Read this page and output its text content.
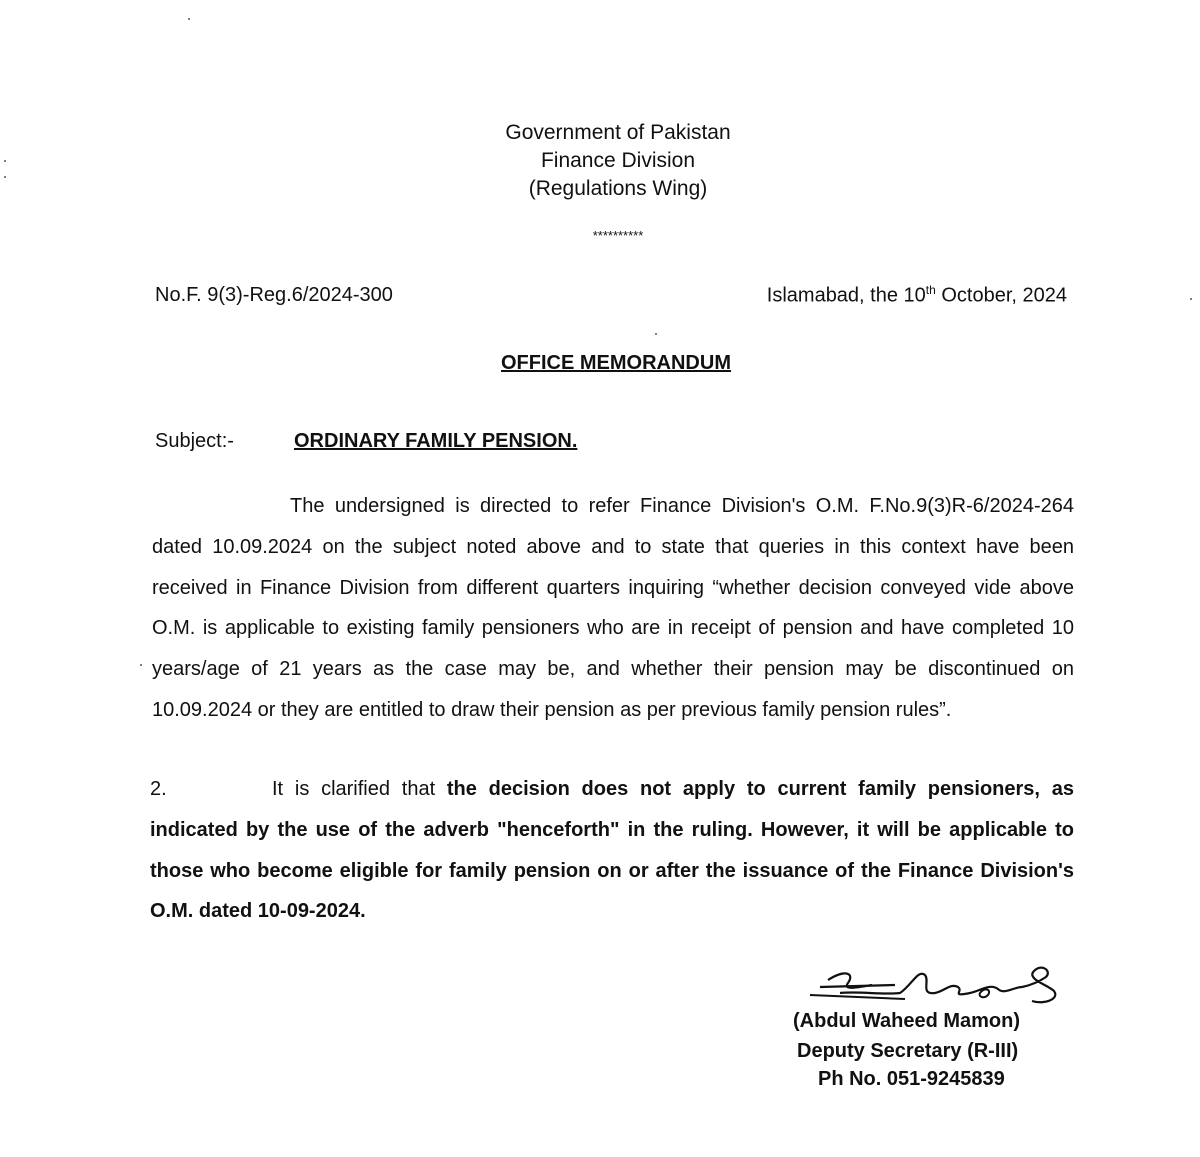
Government of Pakistan
Finance Division
(Regulations Wing)
**********
No.F. 9(3)-Reg.6/2024-300	Islamabad, the 10th October, 2024
OFFICE MEMORANDUM
Subject:-	ORDINARY FAMILY PENSION.
The undersigned is directed to refer Finance Division's O.M. F.No.9(3)R-6/2024-264 dated 10.09.2024 on the subject noted above and to state that queries in this context have been received in Finance Division from different quarters inquiring “whether decision conveyed vide above O.M. is applicable to existing family pensioners who are in receipt of pension and have completed 10 years/age of 21 years as the case may be, and whether their pension may be discontinued on 10.09.2024 or they are entitled to draw their pension as per previous family pension rules”.
2.	It is clarified that the decision does not apply to current family pensioners, as indicated by the use of the adverb "henceforth" in the ruling. However, it will be applicable to those who become eligible for family pension on or after the issuance of the Finance Division's O.M. dated 10-09-2024.
(Abdul Waheed Mamon)
Deputy Secretary (R-III)
Ph No. 051-9245839
